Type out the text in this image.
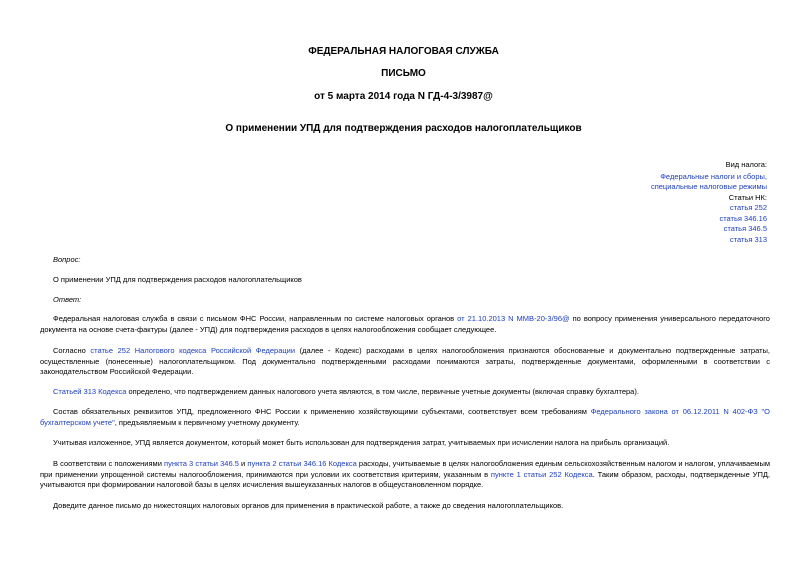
ФЕДЕРАЛЬНАЯ НАЛОГОВАЯ СЛУЖБА
ПИСЬМО
от 5 марта 2014 года N ГД-4-3/3987@
О применении УПД для подтверждения расходов налогоплательщиков
Вид налога:
Федеральные налоги и сборы,
специальные налоговые режимы
Статьи НК:
статья 252
статья 346.16
статья 346.5
статья 313
Вопрос:
О применении УПД для подтверждения расходов налогоплательщиков
Ответ:
Федеральная налоговая служба в связи с письмом ФНС России, направленным по системе налоговых органов от 21.10.2013 N ММВ-20-3/96@ по вопросу применения универсального передаточного документа на основе счета-фактуры (далее - УПД) для подтверждения расходов в целях налогообложения сообщает следующее.
Согласно статье 252 Налогового кодекса Российской Федерации (далее - Кодекс) расходами в целях налогообложения признаются обоснованные и документально подтвержденные затраты, осуществленные (понесенные) налогоплательщиком. Под документально подтвержденными расходами понимаются затраты, подтвержденные документами, оформленными в соответствии с законодательством Российской Федерации.
Статьей 313 Кодекса определено, что подтверждением данных налогового учета являются, в том числе, первичные учетные документы (включая справку бухгалтера).
Состав обязательных реквизитов УПД, предложенного ФНС России к применению хозяйствующими субъектами, соответствует всем требованиям Федерального закона от 06.12.2011 N 402-ФЗ "О бухгалтерском учете", предъявляемым к первичному учетному документу.
Учитывая изложенное, УПД является документом, который может быть использован для подтверждения затрат, учитываемых при исчислении налога на прибыль организаций.
В соответствии с положениями пункта 3 статьи 346.5 и пункта 2 статьи 346.16 Кодекса расходы, учитываемые в целях налогообложения единым сельскохозяйственным налогом и налогом, уплачиваемым при применении упрощенной системы налогообложения, принимаются при условии их соответствия критериям, указанным в пункте 1 статьи 252 Кодекса. Таким образом, расходы, подтвержденные УПД, учитываются при формировании налоговой базы в целях исчисления вышеуказанных налогов в общеустановленном порядке.
Доведите данное письмо до нижестоящих налоговых органов для применения в практической работе, а также до сведения налогоплательщиков.
